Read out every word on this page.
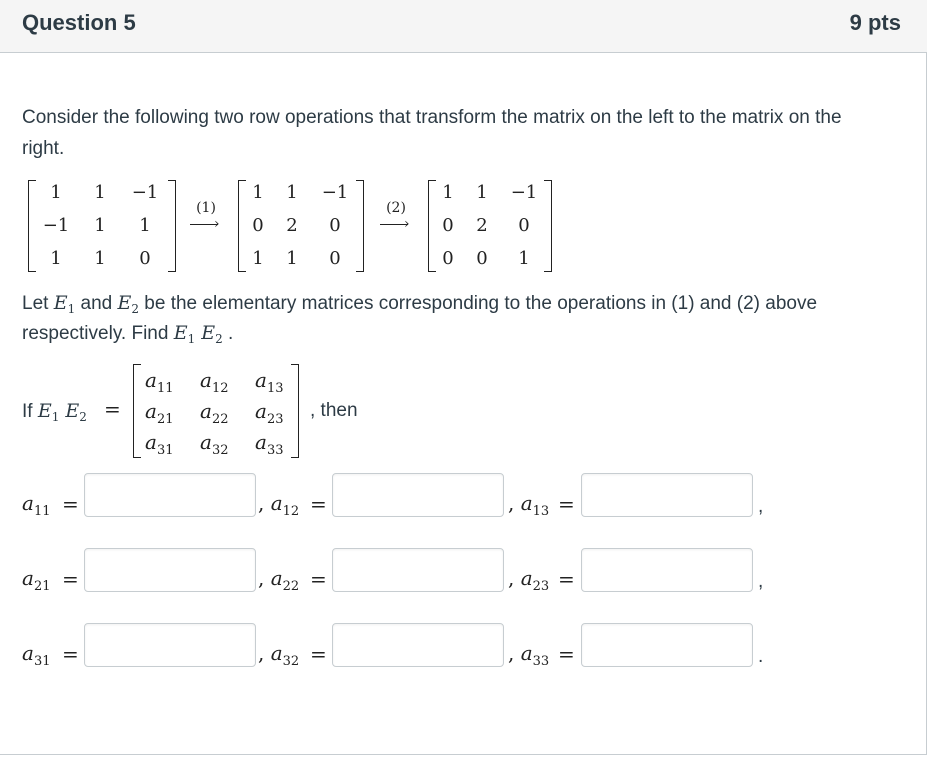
Question 5	9 pts
Consider the following two row operations that transform the matrix on the left to the matrix on the
right.
1	1	−1
−1	1	1
1	1	0
(1)
›
1	1	−1
0	2	0
1	1	0
(2)
›
1	1	−1
0	2	0
0	0	1
Let $E_1$ and $E_2$ be the elementary matrices corresponding to the operations in (1) and (2) above
respectively. Find $E_1$ $E_2$ .
If $E_1$ $E_2$ =
$a_{11}$ $a_{12}$ $a_{13}$
$a_{21}$ $a_{22}$ $a_{23}$
$a_{31}$ $a_{32}$ $a_{33}$
, then
$a_{11}$ =	, $a_{12}$ =	, $a_{13}$ =	,
$a_{21}$ =	, $a_{22}$ =	, $a_{23}$ =	,
$a_{31}$ =	, $a_{32}$ =	, $a_{33}$ =	.
